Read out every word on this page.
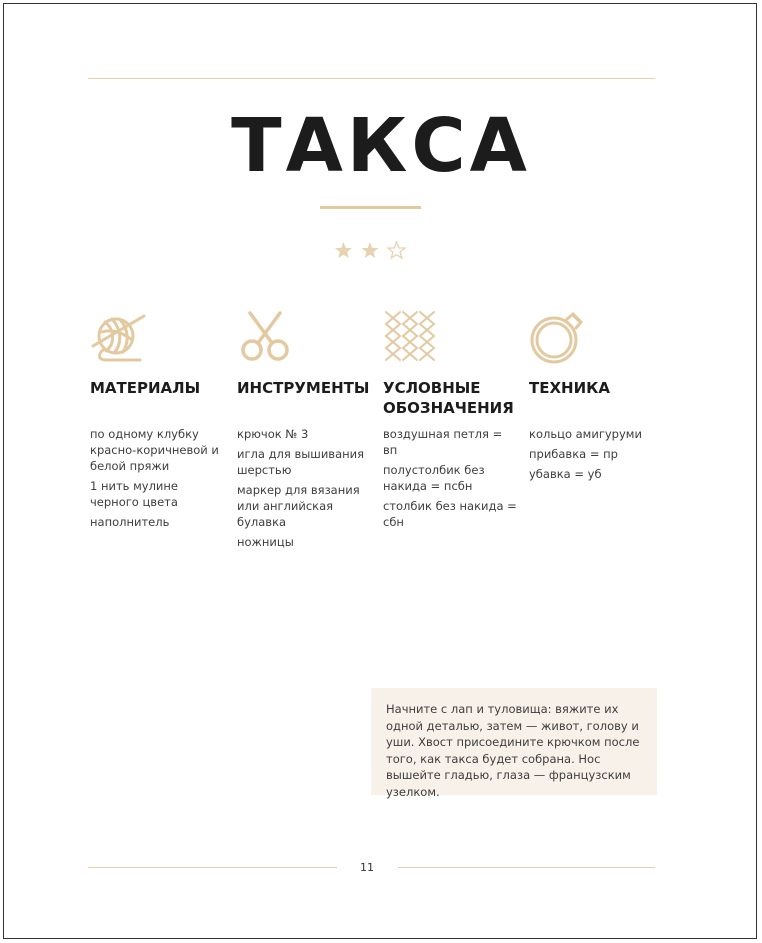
ТАКСА
МАТЕРИАЛЫ
по одному клубку красно-коричневой и белой пряжи
1 нить мулине черного цвета
наполнитель
ИНСТРУМЕНТЫ
крючок № 3
игла для вышивания шерстью
маркер для вязания или английская булавка
ножницы
УСЛОВНЫЕ ОБОЗНАЧЕНИЯ
воздушная петля = вп
полустолбик без накида = псбн
столбик без накида = сбн
ТЕХНИКА
кольцо амигуруми
прибавка = пр
убавка = уб
Начните с лап и туловища: вяжите их одной деталью, затем — живот, голову и уши. Хвост присоедините крючком после того, как такса будет собрана. Нос вышейте гладью, глаза — французским узелком.
11
